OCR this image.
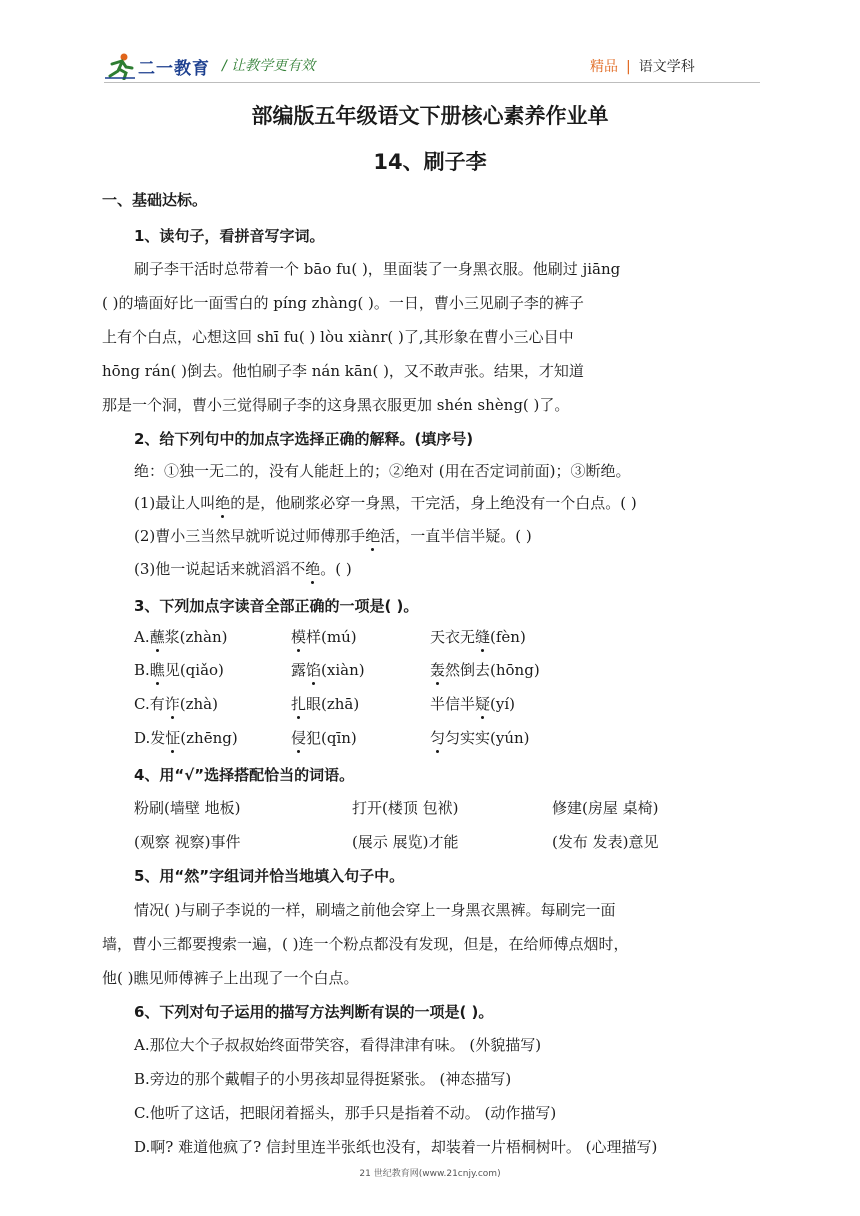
二一教育 / 让教学更有效	精品 | 语文学科
部编版五年级语文下册核心素养作业单
14、刷子李
一、基础达标。
1、读句子，看拼音写字词。
刷子李干活时总带着一个 bāo fu( )，里面装了一身黑衣服。他刷过 jiāng
( )的墙面好比一面雪白的 píng zhàng( )。一日，曹小三见刷子李的裤子
上有个白点，心想这回 shī fu( ) lòu xiànr( )了,其形象在曹小三心目中
hōng rán( )倒去。他怕刷子李 nán kān( )，又不敢声张。结果，才知道
那是一个洞，曹小三觉得刷子李的这身黑衣服更加 shén shèng( )了。
2、给下列句中的加点字选择正确的解释。(填序号)
绝：①独一无二的，没有人能赶上的；②绝对 (用在否定词前面)；③断绝。
(1)最让人叫绝的是，他刷浆必穿一身黑，干完活，身上绝没有一个白点。( )
(2)曹小三当然早就听说过师傅那手绝活，一直半信半疑。( )
(3)他一说起话来就滔滔不绝。( )
3、下列加点字读音全部正确的一项是( )。
A.蘸浆(zhàn)	模样(mú)	天衣无缝(fèn)
B.瞧见(qiǎo)	露馅(xiàn)	轰然倒去(hōng)
C.有诈(zhà)	扎眼(zhā)	半信半疑(yí)
D.发怔(zhēng)	侵犯(qīn)	匀匀实实(yún)
4、用“√”选择搭配恰当的词语。
粉刷(墙壁 地板)	打开(楼顶 包袱)	修建(房屋 桌椅)
(观察 视察)事件	(展示 展览)才能	(发布 发表)意见
5、用“然”字组词并恰当地填入句子中。
情况( )与刷子李说的一样，刷墙之前他会穿上一身黑衣黑裤。每刷完一面
墙，曹小三都要搜索一遍，( )连一个粉点都没有发现，但是，在给师傅点烟时，
他( )瞧见师傅裤子上出现了一个白点。
6、下列对句子运用的描写方法判断有误的一项是( )。
A.那位大个子叔叔始终面带笑容，看得津津有味。 (外貌描写)
B.旁边的那个戴帽子的小男孩却显得挺紧张。 (神态描写)
C.他听了这话，把眼闭着摇头，那手只是指着不动。 (动作描写)
D.啊? 难道他疯了? 信封里连半张纸也没有，却装着一片梧桐树叶。 (心理描写)
21 世纪教育网(www.21cnjy.com)
